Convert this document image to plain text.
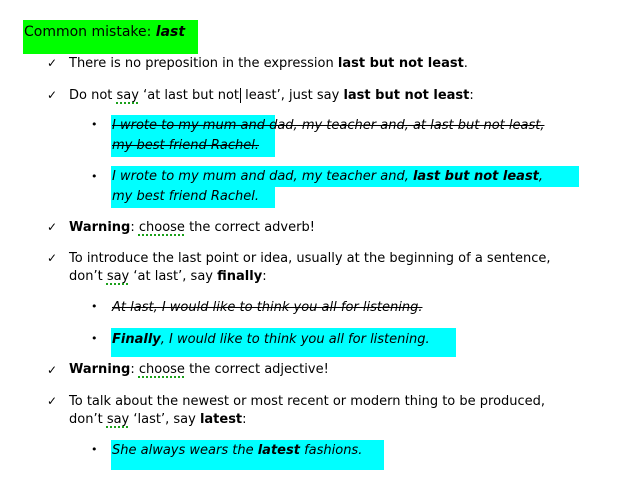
Common mistake: last
✓ There is no preposition in the expression last but not least.
✓ Do not say ‘at last but not least’, just say last but not least:
• I wrote to my mum and dad, my teacher and, at last but not least,
my best friend Rachel.
• I wrote to my mum and dad, my teacher and, last but not least,
my best friend Rachel.
✓ Warning: choose the correct adverb!
✓ To introduce the last point or idea, usually at the beginning of a sentence,
don’t say ‘at last’, say finally:
• At last, I would like to think you all for listening.
• Finally, I would like to think you all for listening.
✓ Warning: choose the correct adjective!
✓ To talk about the newest or most recent or modern thing to be produced,
don’t say ‘last’, say latest:
• She always wears the latest fashions.
